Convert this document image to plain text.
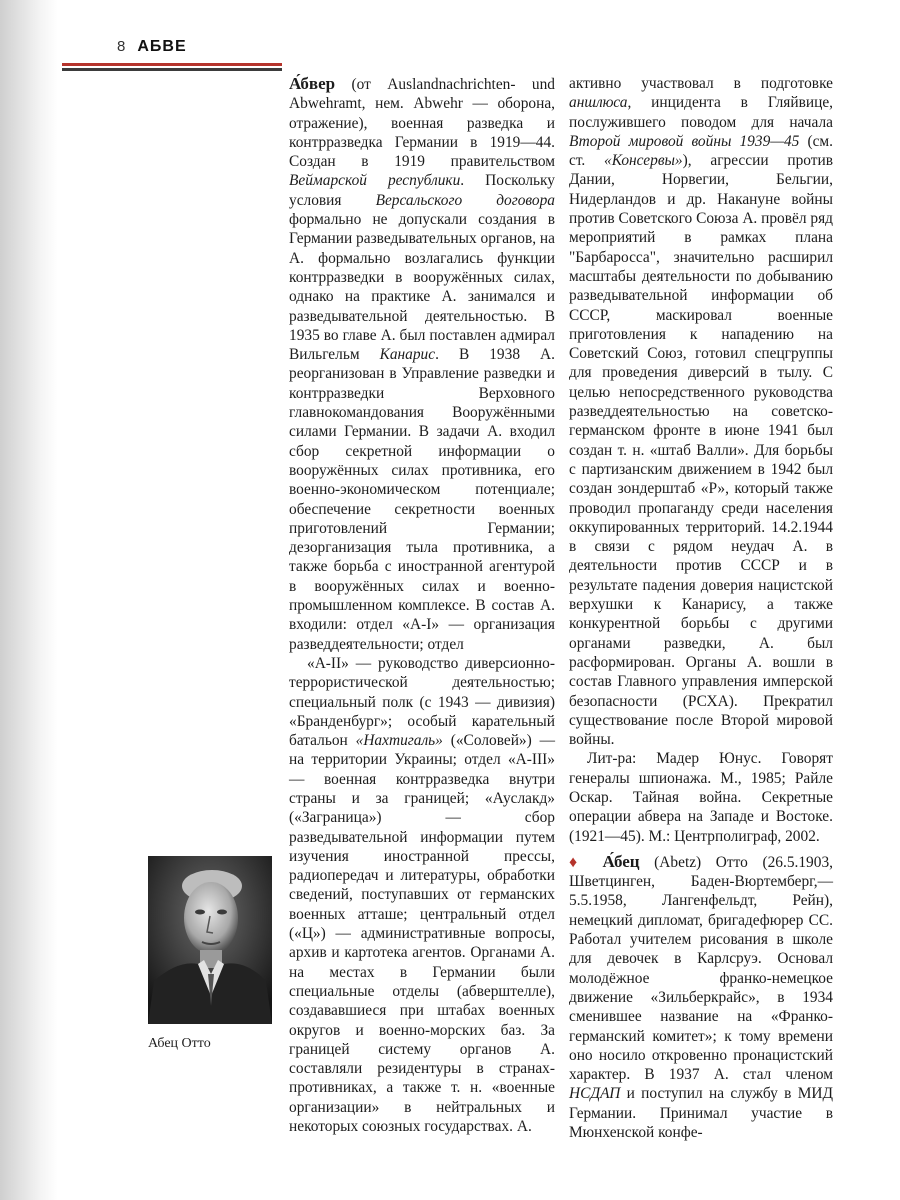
8 АБВЕ

А́бвер (от Auslandnachrichten- und Abwehramt, нем. Abwehr — оборона, отражение), военная разведка и контрразведка Германии в 1919—44. Создан в 1919 правительством Веймарской республики. Поскольку условия Версальского договора формально не допускали создания в Германии разведывательных органов, на А. формально возлагались функции контрразведки в вооружённых силах, однако на практике А. занимался и разведывательной деятельностью. В 1935 во главе А. был поставлен адмирал Вильгельм Канарис. В 1938 А. реорганизован в Управление разведки и контрразведки Верховного главнокомандования Вооружёнными силами Германии. В задачи А. входил сбор секретной информации о вооружённых силах противника, его военно-экономическом потенциале; обеспечение секретности военных приготовлений Германии; дезорганизация тыла противника, а также борьба с иностранной агентурой в вооружённых силах и военно-промышленном комплексе. В состав А. входили: отдел «А-I» — организация разведдеятельности; отдел

«А-II» — руководство диверсионно-террористической деятельностью; специальный полк (с 1943 — дивизия) «Бранденбург»; особый карательный батальон «Нахтигаль» («Соловей») — на территории Украины; отдел «А-III» — военная контрразведка внутри страны и за границей; «Ауслакд» («Заграница») — сбор разведывательной информации путем изучения иностранной прессы, радиопередач и литературы, обработки сведений, поступавших от германских военных атташе; центральный отдел («Ц») — административные вопросы, архив и картотека агентов. Органами А. на местах в Германии были специальные отделы (абверштелле), создававшиеся при штабах военных округов и военно-морских баз. За границей систему органов А. составляли резидентуры в странах-противниках, а также т. н. «военные организации» в нейтральных и некоторых союзных государствах. А.

активно участвовал в подготовке аншлюса, инцидента в Гляйвице, послужившего поводом для начала Второй мировой войны 1939—45 (см. ст. «Консервы»), агрессии против Дании, Норвегии, Бельгии, Нидерландов и др. Накануне войны против Советского Союза А. провёл ряд мероприятий в рамках плана "Барбаросса", значительно расширил масштабы деятельности по добыванию разведывательной информации об СССР, маскировал военные приготовления к нападению на Советский Союз, готовил спецгруппы для проведения диверсий в тылу. С целью непосредственного руководства разведдеятельностью на советско-германском фронте в июне 1941 был создан т. н. «штаб Валли». Для борьбы с партизанским движением в 1942 был создан зондерштаб «Р», который также проводил пропаганду среди населения оккупированных территорий. 14.2.1944 в связи с рядом неудач А. в деятельности против СССР и в результате падения доверия нацистской верхушки к Канарису, а также конкурентной борьбы с другими органами разведки, А. был расформирован. Органы А. вошли в состав Главного управления имперской безопасности (РСХА). Прекратил существование после Второй мировой войны.

Лит-ра: Мадер Юнус. Говорят генералы шпионажа. М., 1985; Райле Оскар. Тайная война. Секретные операции абвера на Западе и Востоке. (1921—45). М.: Центрполиграф, 2002.

♦ А́бец (Abetz) Отто (26.5.1903, Шветцинген, Баден-Вюртемберг,— 5.5.1958, Лангенфельдт, Рейн), немецкий дипломат, бригадефюрер СС. Работал учителем рисования в школе для девочек в Карлсруэ. Основал молодёжное франко-немецкое движение «Зильберкрайс», в 1934 сменившее название на «Франко-германский комитет»; к тому времени оно носило откровенно пронацистский характер. В 1937 А. стал членом НСДАП и поступил на службу в МИД Германии. Принимал участие в Мюнхенской конфе-

Абец Отто
